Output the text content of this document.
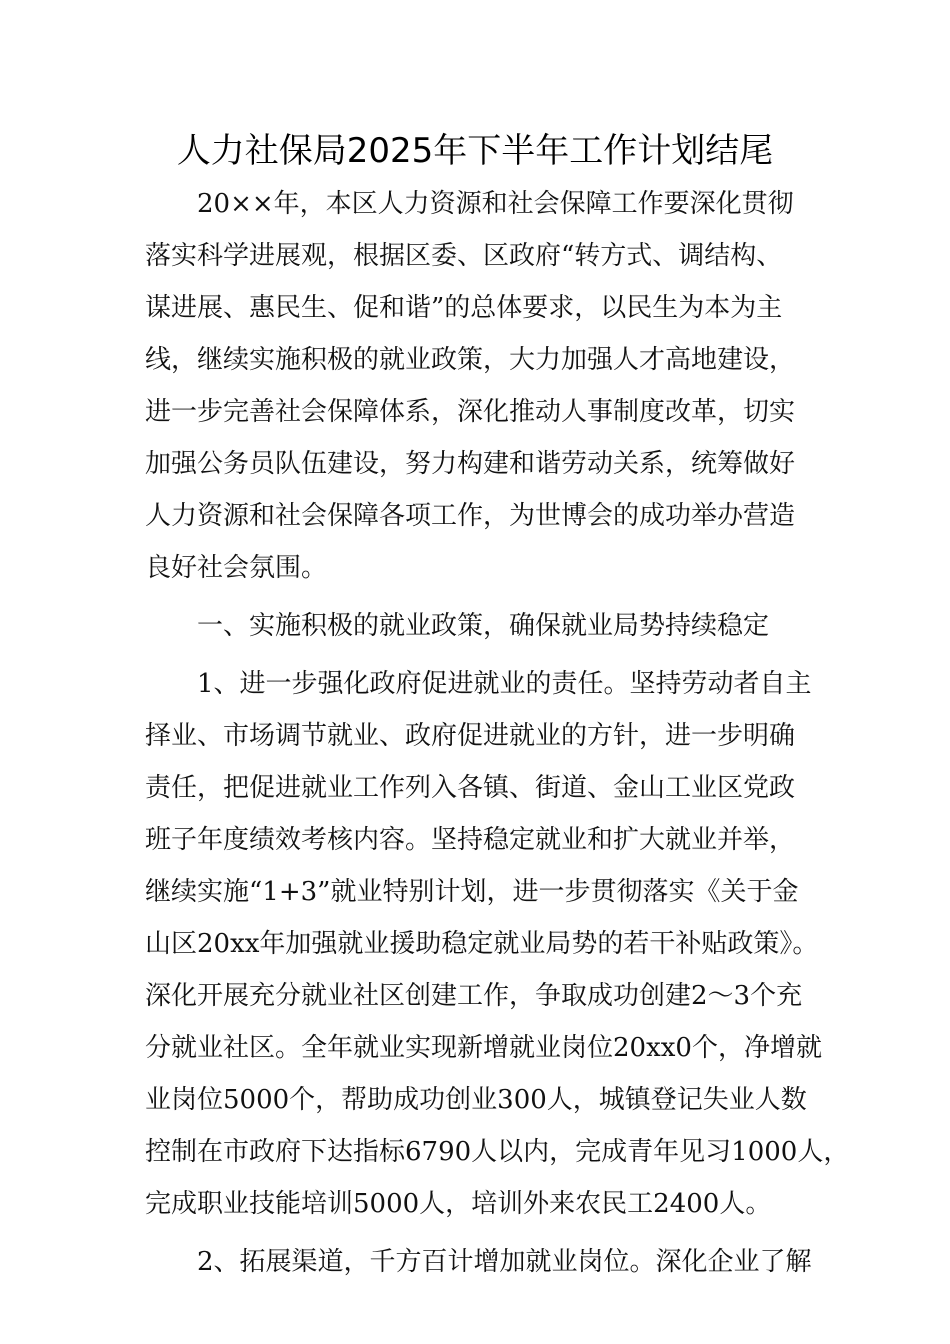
人力社保局2025年下半年工作计划结尾
20××年，本区人力资源和社会保障工作要深化贯彻
落实科学进展观，根据区委、区政府“转方式、调结构、
谋进展、惠民生、促和谐”的总体要求，以民生为本为主
线，继续实施积极的就业政策，大力加强人才高地建设，
进一步完善社会保障体系，深化推动人事制度改革，切实
加强公务员队伍建设，努力构建和谐劳动关系，统筹做好
人力资源和社会保障各项工作，为世博会的成功举办营造
良好社会氛围。
一、实施积极的就业政策，确保就业局势持续稳定
1、进一步强化政府促进就业的责任。坚持劳动者自主
择业、市场调节就业、政府促进就业的方针，进一步明确
责任，把促进就业工作列入各镇、街道、金山工业区党政
班子年度绩效考核内容。坚持稳定就业和扩大就业并举，
继续实施“1+3”就业特别计划，进一步贯彻落实《关于金
山区20xx年加强就业援助稳定就业局势的若干补贴政策》。
深化开展充分就业社区创建工作，争取成功创建2～3个充
分就业社区。全年就业实现新增就业岗位20xx0个，净增就
业岗位5000个，帮助成功创业300人，城镇登记失业人数
控制在市政府下达指标6790人以内，完成青年见习1000人，
完成职业技能培训5000人，培训外来农民工2400人。
2、拓展渠道，千方百计增加就业岗位。深化企业了解
